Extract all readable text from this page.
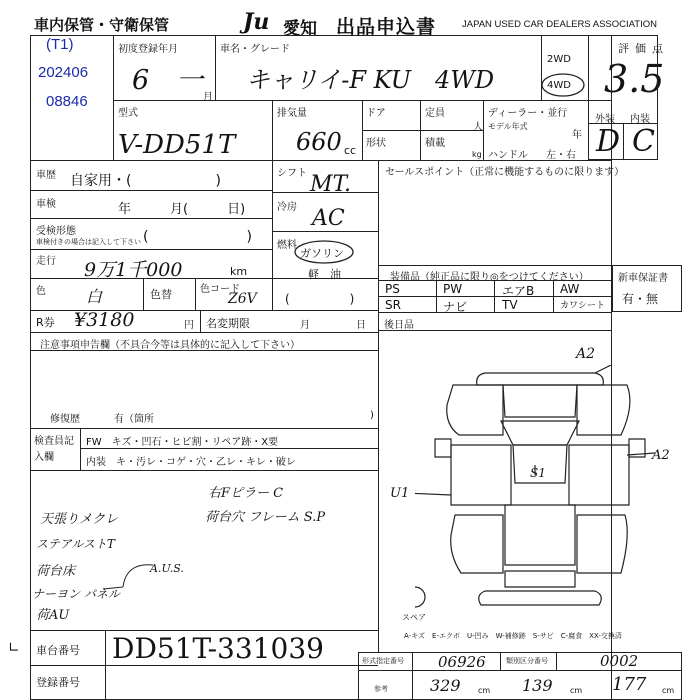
車内保管・守衛保管	Ju 愛知 出品申込書	JAPAN USED CAR DEALERS ASSOCIATION
(T1)
202406
08846
初度登録年月
6　一
月
車名・グレード
キャリイ-F KU　4WD
2WD
4WD
評価点
3.5
型式
V-DD51T
排気量
660 cc
ドア
形状
定員
人
積載
kg
ディーラー・並行
モデル年式
年
ハンドル 左・右
外装 内装
D C
車歴 自家用・(　　　　　　)
車検	年　　　月(　　　日)
受検形態
車検付きの場合は記入して下さい (　　　　　　　)
走行 9万1千000	km
色	白	色替	色コード
Z6V
シフト MT.
冷房 AC
燃料
ガソリン
軽　油
(　　　　　)
セールスポイント（正常に機能するものに限ります）
装備品（純正品に限り◎をつけてください）
PS	PW	エアB AW
SR	ナビ	TV	カワシート
新車保証書
有・無
R券 ¥3180	円 名変期限	月	日 後日品
注意事項申告欄（不具合今等は具体的に記入して下さい）
修復歴	有（箇所	)
検査員記入欄
FW　キズ・凹石・ヒビ割・リペア跡・X要
内装　キ・汚レ・コゲ・穴・乙レ・キレ・破レ
右Fピラー C
荷台穴 フレーム S.P
天張りメクレ
ステアルストT
荷台床
ナーヨン パネル
荷AU
A.U.S.
A2
A2
U1
S1
スペア
A-キズ　E-エクボ　U-凹み　W-補修跡　S-サビ　C-腐食　XX-交換済
車台番号 DD51T-331039
登録番号
形式指定番号 06926	類別区分番号	0002
参考	329 cm 139 cm 177 cm
∟
